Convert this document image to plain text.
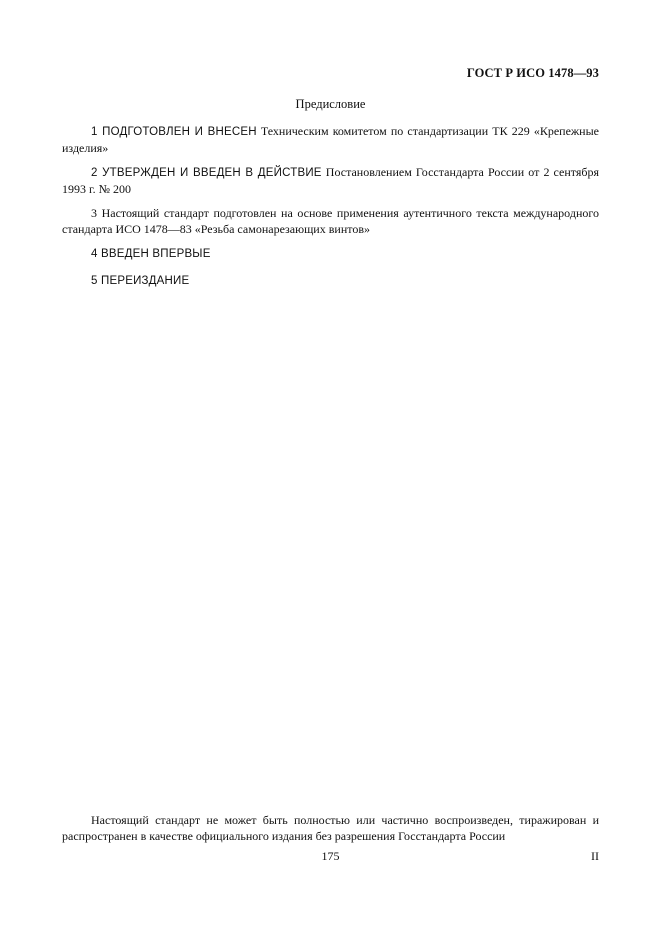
ГОСТ Р ИСО 1478—93
Предисловие
1 ПОДГОТОВЛЕН И ВНЕСЕН Техническим комитетом по стандартизации ТК 229 «Крепежные изделия»
2 УТВЕРЖДЕН И ВВЕДЕН В ДЕЙСТВИЕ Постановлением Госстандарта России от 2 сентября 1993 г. № 200
3 Настоящий стандарт подготовлен на основе применения аутентичного текста международного стандарта ИСО 1478—83 «Резьба самонарезающих винтов»
4 ВВЕДЕН ВПЕРВЫЕ
5 ПЕРЕИЗДАНИЕ
Настоящий стандарт не может быть полностью или частично воспроизведен, тиражирован и распространен в качестве официального издания без разрешения Госстандарта России
175	II
